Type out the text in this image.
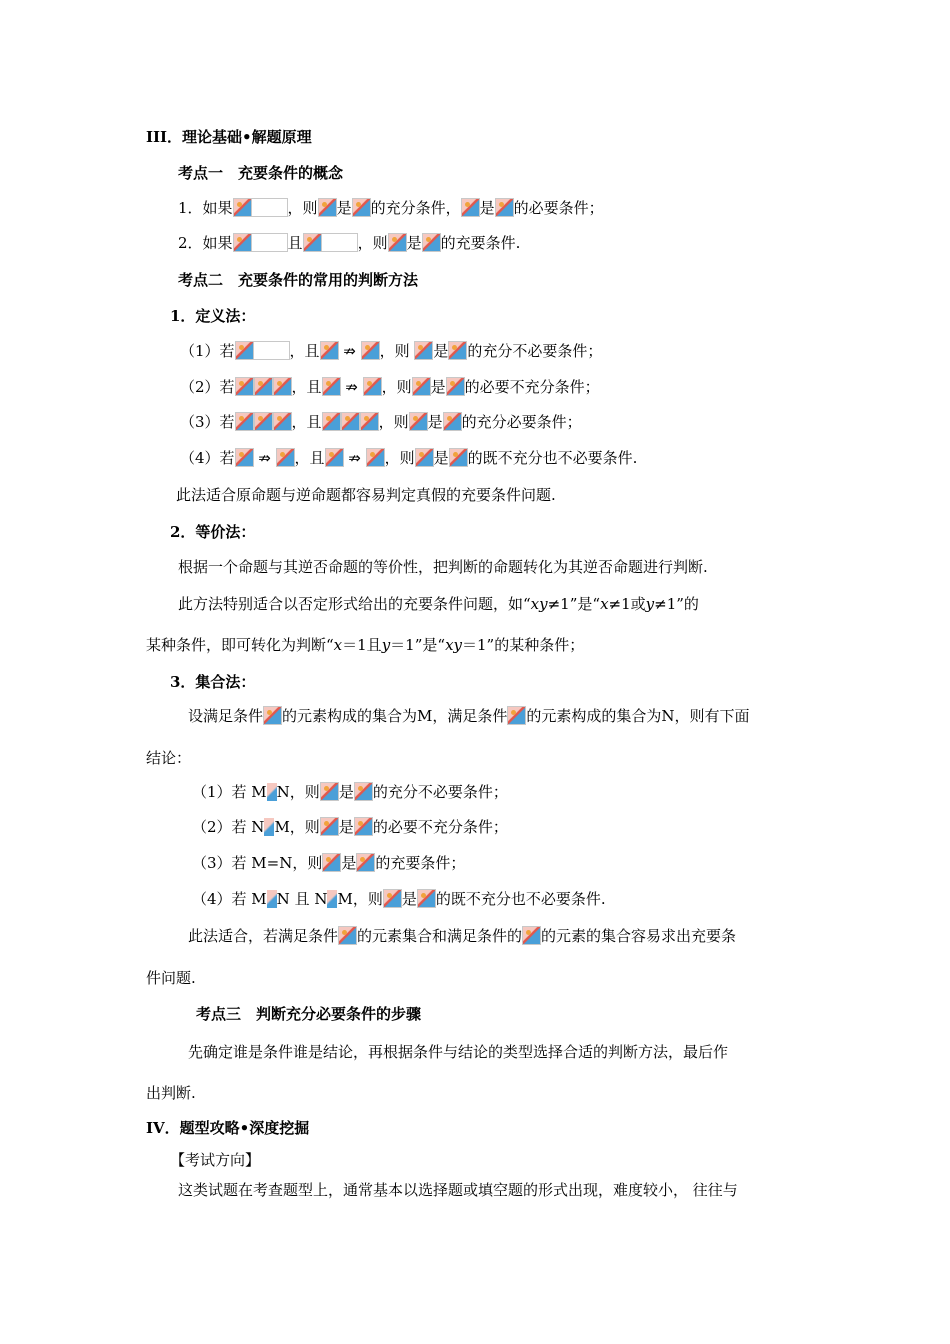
III．理论基础•解题原理
考点一　充要条件的概念
1．如果	，则 是 的充分条件， 是 的必要条件；
2．如果	且	，则 是 的充要条件.
考点二　充要条件的常用的判断方法
1．定义法：
（1）若	，且 ⇏ ，则 是 的充分不必要条件；
（2）若	，且 ⇏ ，则 是 的必要不充分条件；
（3）若	，且	，则 是 的充分必要条件；
（4）若 ⇏ ，且 ⇏ ，则 是 的既不充分也不必要条件.
此法适合原命题与逆命题都容易判定真假的充要条件问题.
2．等价法：
根据一个命题与其逆否命题的等价性，把判断的命题转化为其逆否命题进行判断.
此方法特别适合以否定形式给出的充要条件问题，如“xy≠1”是“x≠1或y≠1”的
某种条件，即可转化为判断“x＝1且y＝1”是“xy＝1”的某种条件；
3．集合法：
设满足条件 的元素构成的集合为M，满足条件 的元素构成的集合为N，则有下面
结论：
（1）若 M N，则 是 的充分不必要条件；
（2）若 N M，则 是 的必要不充分条件；
（3）若 M=N，则 是 的充要条件；
（4）若 M N 且 N M，则 是 的既不充分也不必要条件.
此法适合，若满足条件 的元素集合和满足条件的 的元素的集合容易求出充要条
件问题.
考点三　判断充分必要条件的步骤
先确定谁是条件谁是结论，再根据条件与结论的类型选择合适的判断方法，最后作
出判断.
IV．题型攻略•深度挖掘
【考试方向】
这类试题在考查题型上，通常基本以选择题或填空题的形式出现，难度较小， 往往与
